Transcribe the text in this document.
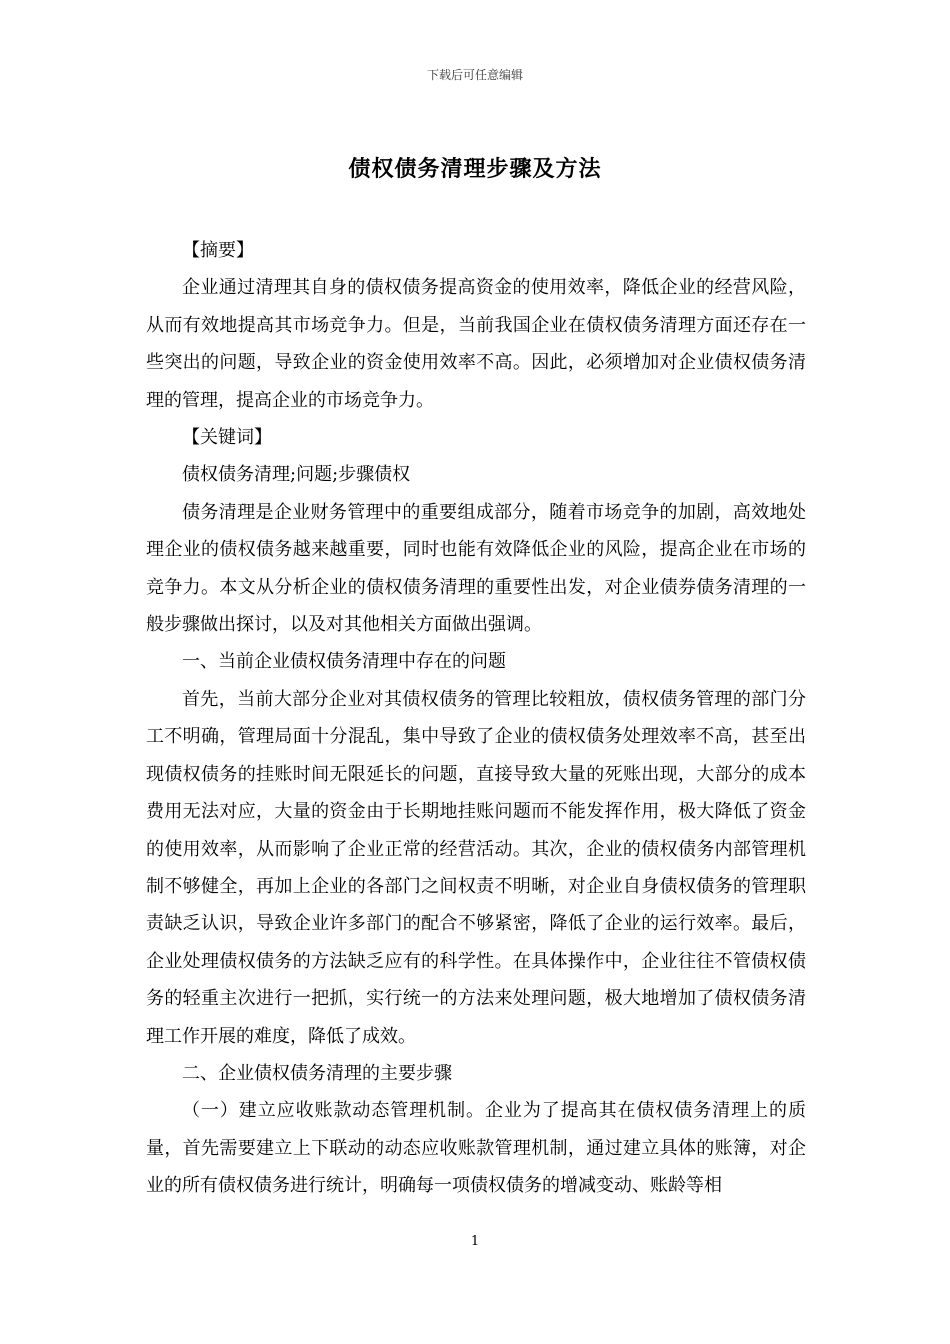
下载后可任意编辑
债权债务清理步骤及方法

【摘要】

企业通过清理其自身的债权债务提高资金的使用效率，降低企业的经营风险，从而有效地提高其市场竞争力。但是，当前我国企业在债权债务清理方面还存在一些突出的问题，导致企业的资金使用效率不高。因此，必须增加对企业债权债务清理的管理，提高企业的市场竞争力。

【关键词】

债权债务清理;问题;步骤债权

债务清理是企业财务管理中的重要组成部分，随着市场竞争的加剧，高效地处理企业的债权债务越来越重要，同时也能有效降低企业的风险，提高企业在市场的竞争力。本文从分析企业的债权债务清理的重要性出发，对企业债券债务清理的一般步骤做出探讨，以及对其他相关方面做出强调。

一、当前企业债权债务清理中存在的问题

首先，当前大部分企业对其债权债务的管理比较粗放，债权债务管理的部门分工不明确，管理局面十分混乱，集中导致了企业的债权债务处理效率不高，甚至出现债权债务的挂账时间无限延长的问题，直接导致大量的死账出现，大部分的成本费用无法对应，大量的资金由于长期地挂账问题而不能发挥作用，极大降低了资金的使用效率，从而影响了企业正常的经营活动。其次，企业的债权债务内部管理机制不够健全，再加上企业的各部门之间权责不明晰，对企业自身债权债务的管理职责缺乏认识，导致企业许多部门的配合不够紧密，降低了企业的运行效率。最后，企业处理债权债务的方法缺乏应有的科学性。在具体操作中，企业往往不管债权债务的轻重主次进行一把抓，实行统一的方法来处理问题，极大地增加了债权债务清理工作开展的难度，降低了成效。

二、企业债权债务清理的主要步骤

（一）建立应收账款动态管理机制。企业为了提高其在债权债务清理上的质量，首先需要建立上下联动的动态应收账款管理机制，通过建立具体的账簿，对企业的所有债权债务进行统计，明确每一项债权债务的增减变动、账龄等相

1
